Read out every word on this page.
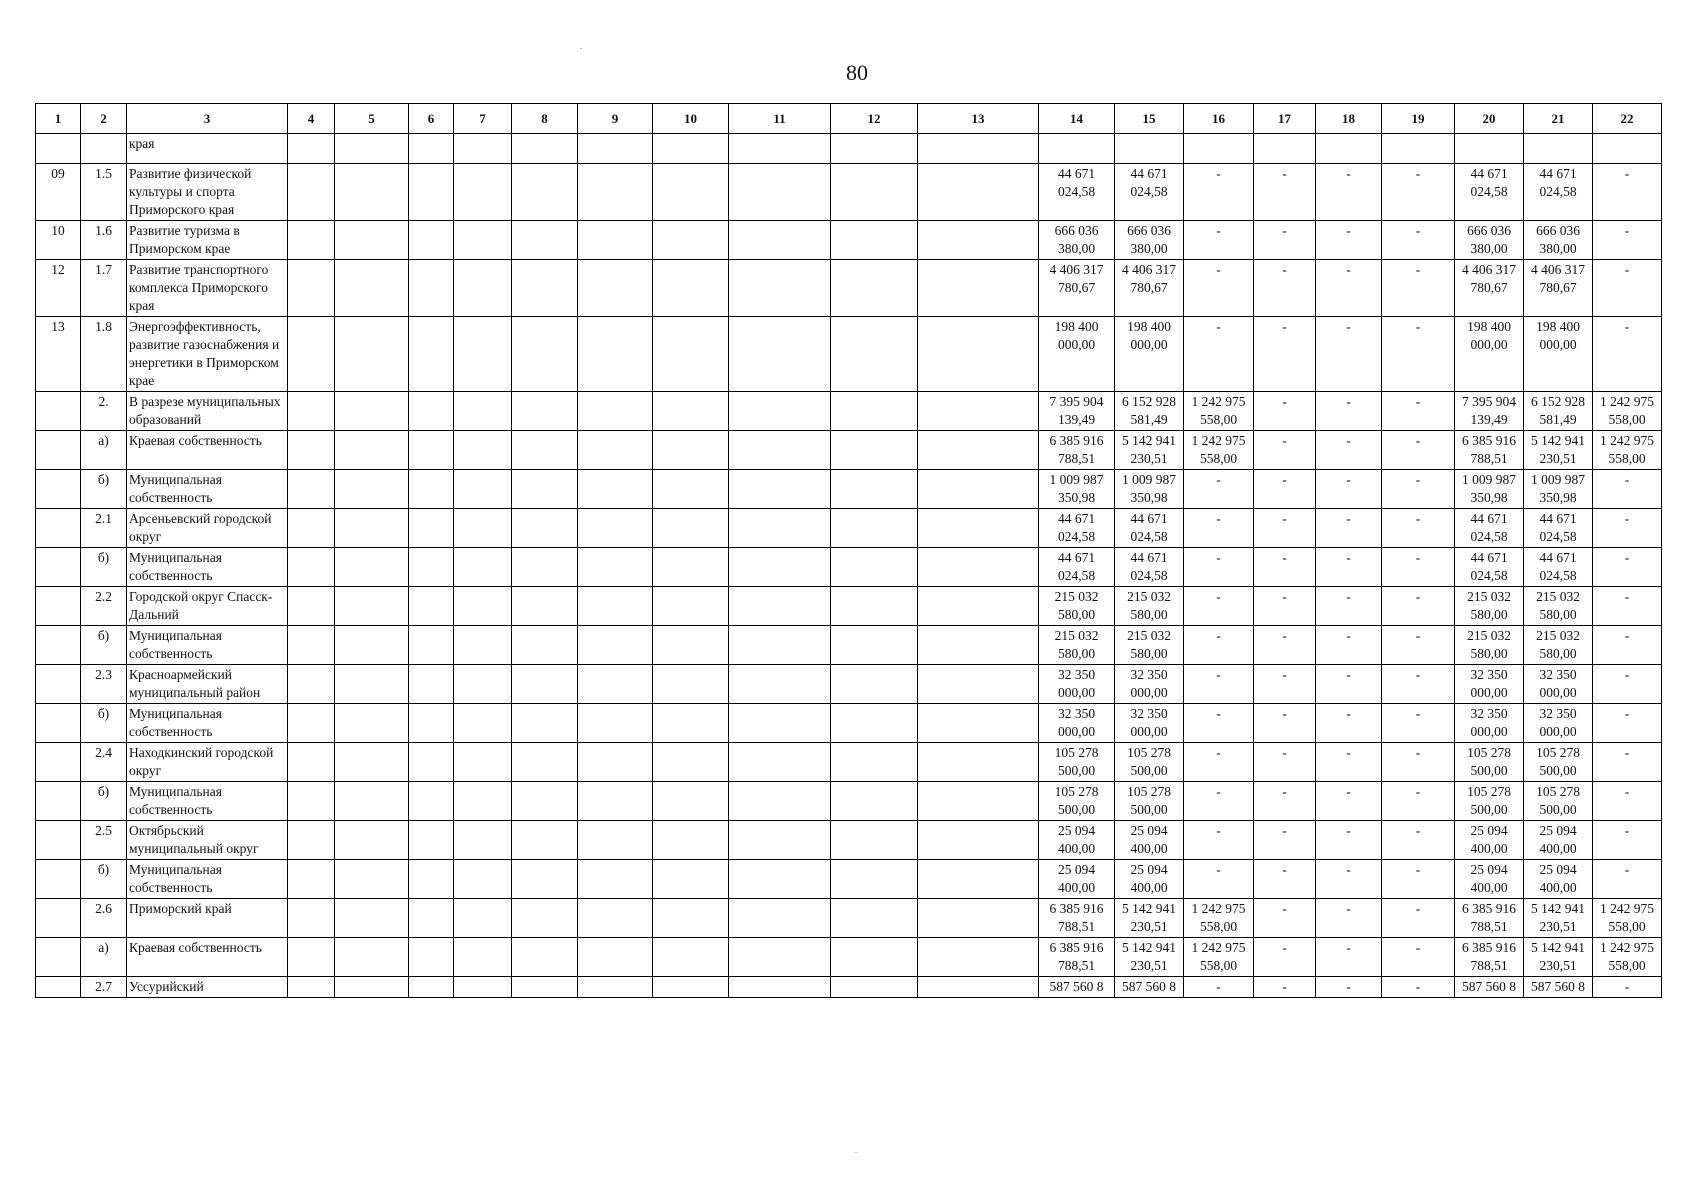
80
1	2	3	4	5	6	7	8	9	10	11	12	13	14	15	16	17	18	19	20	21	22
		края																			
09	1.5	Развитие физической культуры и спорта Приморского края											44 671 024,58	44 671 024,58	-	-	-	-	44 671 024,58	44 671 024,58	-
10	1.6	Развитие туризма в Приморском крае											666 036 380,00	666 036 380,00	-	-	-	-	666 036 380,00	666 036 380,00	-
12	1.7	Развитие транспортного комплекса Приморского края											4 406 317 780,67	4 406 317 780,67	-	-	-	-	4 406 317 780,67	4 406 317 780,67	-
13	1.8	Энергоэффективность, развитие газоснабжения и энергетики в Приморском крае											198 400 000,00	198 400 000,00	-	-	-	-	198 400 000,00	198 400 000,00	-
	2.	В разрезе муниципальных образований											7 395 904 139,49	6 152 928 581,49	1 242 975 558,00	-	-	-	7 395 904 139,49	6 152 928 581,49	1 242 975 558,00
	а)	Краевая собственность											6 385 916 788,51	5 142 941 230,51	1 242 975 558,00	-	-	-	6 385 916 788,51	5 142 941 230,51	1 242 975 558,00
	б)	Муниципальная собственность											1 009 987 350,98	1 009 987 350,98	-	-	-	-	1 009 987 350,98	1 009 987 350,98	-
	2.1	Арсеньевский городской округ											44 671 024,58	44 671 024,58	-	-	-	-	44 671 024,58	44 671 024,58	-
	б)	Муниципальная собственность											44 671 024,58	44 671 024,58	-	-	-	-	44 671 024,58	44 671 024,58	-
	2.2	Городской округ Спасск-Дальний											215 032 580,00	215 032 580,00	-	-	-	-	215 032 580,00	215 032 580,00	-
	б)	Муниципальная собственность											215 032 580,00	215 032 580,00	-	-	-	-	215 032 580,00	215 032 580,00	-
	2.3	Красноармейский муниципальный район											32 350 000,00	32 350 000,00	-	-	-	-	32 350 000,00	32 350 000,00	-
	б)	Муниципальная собственность											32 350 000,00	32 350 000,00	-	-	-	-	32 350 000,00	32 350 000,00	-
	2.4	Находкинский городской округ											105 278 500,00	105 278 500,00	-	-	-	-	105 278 500,00	105 278 500,00	-
	б)	Муниципальная собственность											105 278 500,00	105 278 500,00	-	-	-	-	105 278 500,00	105 278 500,00	-
	2.5	Октябрьский муниципальный округ											25 094 400,00	25 094 400,00	-	-	-	-	25 094 400,00	25 094 400,00	-
	б)	Муниципальная собственность											25 094 400,00	25 094 400,00	-	-	-	-	25 094 400,00	25 094 400,00	-
	2.6	Приморский край											6 385 916 788,51	5 142 941 230,51	1 242 975 558,00	-	-	-	6 385 916 788,51	5 142 941 230,51	1 242 975 558,00
	а)	Краевая собственность											6 385 916 788,51	5 142 941 230,51	1 242 975 558,00	-	-	-	6 385 916 788,51	5 142 941 230,51	1 242 975 558,00
	2.7	Уссурийский											587 560 8	587 560 8	-	-	-	-	587 560 8	587 560 8	-
